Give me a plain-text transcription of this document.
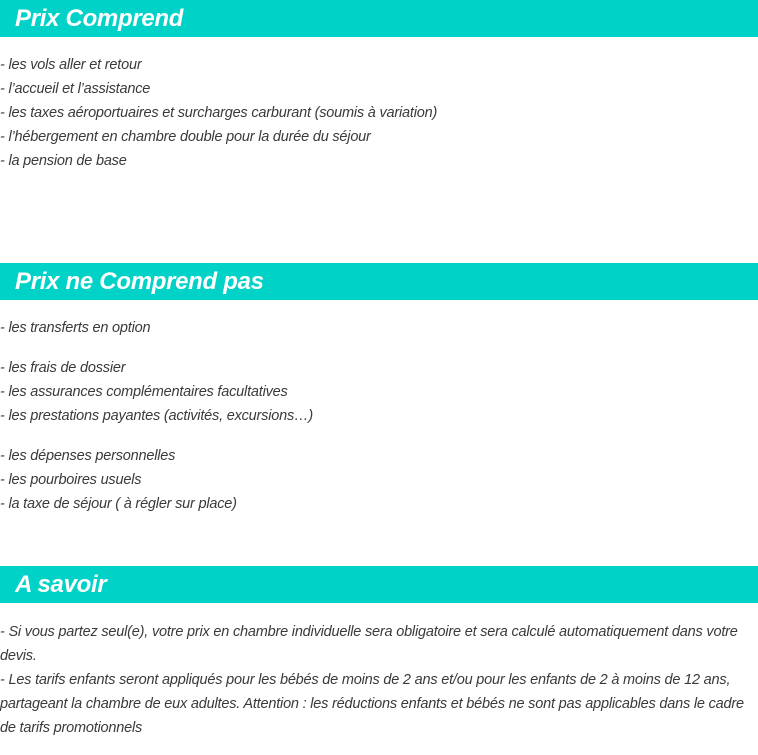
Prix Comprend
- les vols aller et retour
- l’accueil et l’assistance
- les taxes aéroportuaires et surcharges carburant (soumis à variation)
- l’hébergement en chambre double pour la durée du séjour
- la pension de base
Prix ne Comprend pas
- les transferts en option
- les frais de dossier
- les assurances complémentaires facultatives
- les prestations payantes (activités, excursions…)
- les dépenses personnelles
- les pourboires usuels
- la taxe de séjour ( à régler sur place)
A savoir

- Si vous partez seul(e), votre prix en chambre individuelle sera obligatoire et sera calculé automatiquement dans votre devis.

- Les tarifs enfants seront appliqués pour les bébés de moins de 2 ans et/ou pour les enfants de 2 à moins de 12 ans, partageant la chambre de eux adultes. Attention : les réductions enfants et bébés ne sont pas applicables dans le cadre de tarifs promotionnels
